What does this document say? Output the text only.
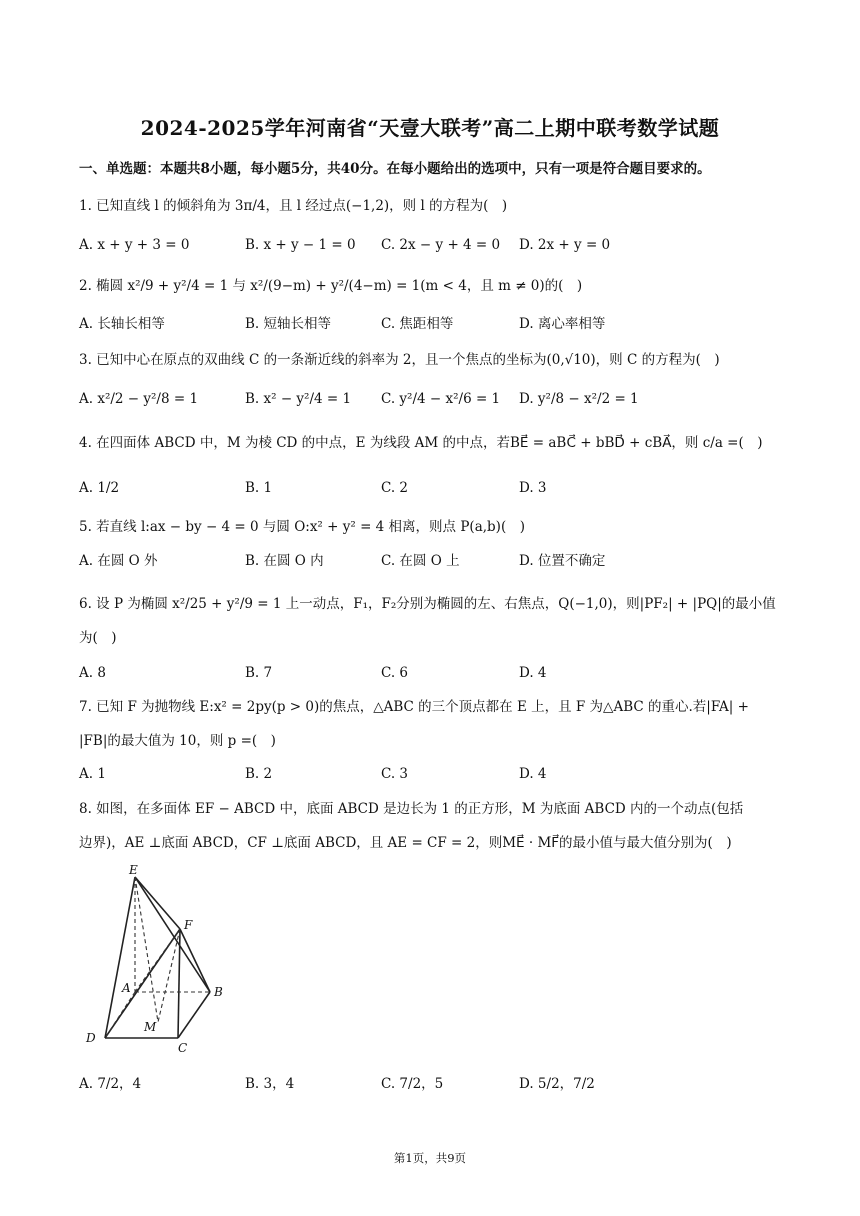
2024-2025学年河南省“天壹大联考”高二上期中联考数学试题
一、单选题：本题共8小题，每小题5分，共40分。在每小题给出的选项中，只有一项是符合题目要求的。
1. 已知直线 l 的倾斜角为 3π/4，且 l 经过点(−1,2)，则 l 的方程为(　)
A. x + y + 3 = 0	B. x + y − 1 = 0 C. 2x − y + 4 = 0 D. 2x + y = 0
2. 椭圆 x²/9 + y²/4 = 1 与 x²/(9−m) + y²/(4−m) = 1(m < 4，且 m ≠ 0)的(　)
A. 长轴长相等	B. 短轴长相等	C. 焦距相等	D. 离心率相等
3. 已知中心在原点的双曲线 C 的一条渐近线的斜率为 2，且一个焦点的坐标为(0,√10)，则 C 的方程为(　)
A. x²/2 − y²/8 = 1	B. x² − y²/4 = 1 C. y²/4 − x²/6 = 1 D. y²/8 − x²/2 = 1
4. 在四面体 ABCD 中，M 为棱 CD 的中点，E 为线段 AM 的中点，若BE⃗ = aBC⃗ + bBD⃗ + cBA⃗，则 c/a =(　)
A. 1/2	B. 1	C. 2	D. 3
5. 若直线 l:ax − by − 4 = 0 与圆 O:x² + y² = 4 相离，则点 P(a,b)(　)
A. 在圆 O 外	B. 在圆 O 内	C. 在圆 O 上	D. 位置不确定
6. 设 P 为椭圆 x²/25 + y²/9 = 1 上一动点，F₁，F₂分别为椭圆的左、右焦点，Q(−1,0)，则|PF₂| + |PQ|的最小值
为(　)
A. 8	B. 7	C. 6	D. 4
7. 已知 F 为抛物线 E:x² = 2py(p > 0)的焦点，△ABC 的三个顶点都在 E 上，且 F 为△ABC 的重心.若|FA| +
|FB|的最大值为 10，则 p =(　)
A. 1	B. 2	C. 3	D. 4
8. 如图，在多面体 EF − ABCD 中，底面 ABCD 是边长为 1 的正方形，M 为底面 ABCD 内的一个动点(包括
边界)，AE ⊥底面 ABCD，CF ⊥底面 ABCD，且 AE = CF = 2，则ME⃗ · MF⃗的最小值与最大值分别为(　)
E
F
A	B
D
C
M
A. 7/2，4	B. 3，4	C. 7/2，5	D. 5/2，7/2
第1页，共9页
